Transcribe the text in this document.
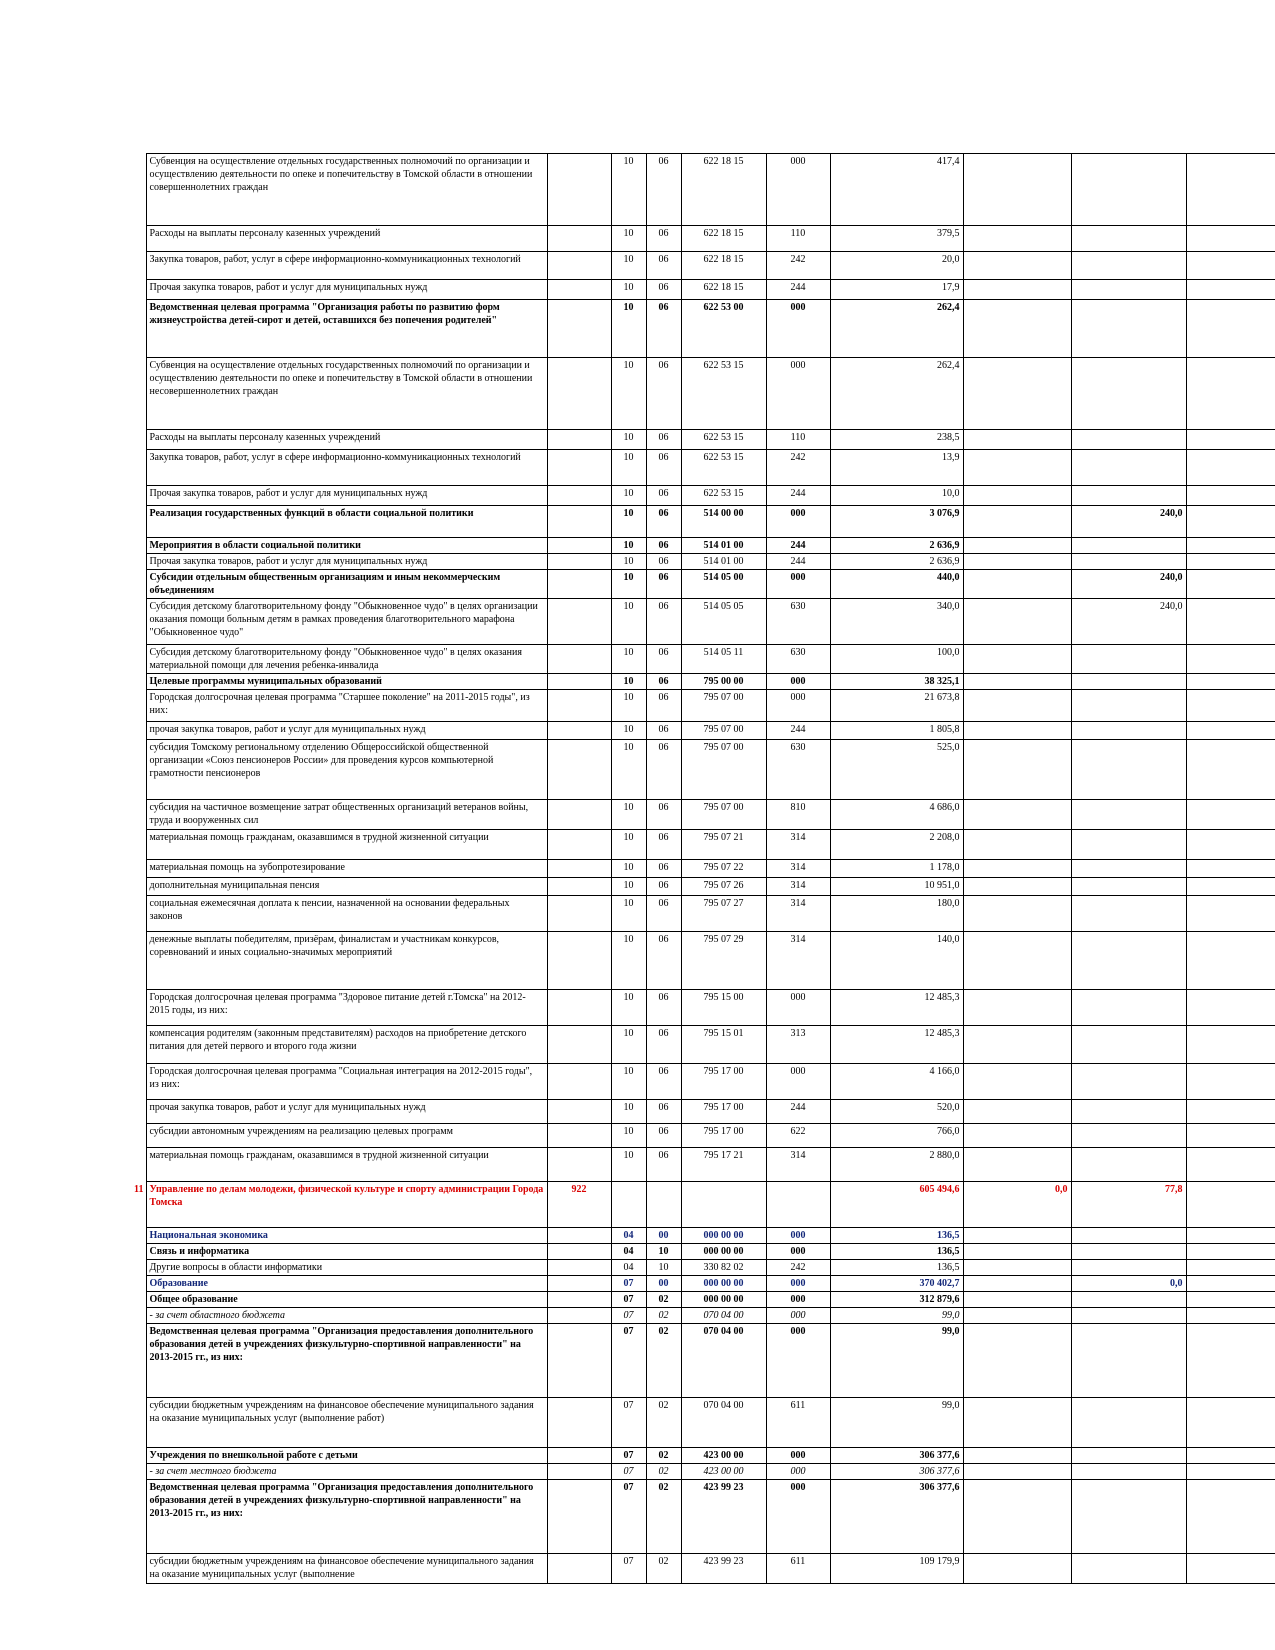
	Субвенция на осуществление отдельных государственных полномочий по организации и осуществлению деятельности по опеке и попечительству в Томской области в отношении совершеннолетних граждан		10	06	622 18 15	000	417,4			
	Расходы на выплаты персоналу казенных учреждений		10	06	622 18 15	110	379,5			
	Закупка товаров, работ, услуг в сфере информационно-коммуникационных технологий		10	06	622 18 15	242	20,0			
	Прочая закупка товаров, работ и услуг для муниципальных нужд		10	06	622 18 15	244	17,9			
	Ведомственная целевая программа "Организация работы по развитию форм жизнеустройства детей-сирот и детей, оставшихся без попечения родителей"		10	06	622 53 00	000	262,4			
	Субвенция на осуществление отдельных государственных полномочий по организации и осуществлению деятельности по опеке и попечительству в Томской области в отношении несовершеннолетних граждан		10	06	622 53 15	000	262,4			
	Расходы на выплаты персоналу казенных учреждений		10	06	622 53 15	110	238,5			
	Закупка товаров, работ, услуг в сфере информационно-коммуникационных технологий		10	06	622 53 15	242	13,9			
	Прочая закупка товаров, работ и услуг для муниципальных нужд		10	06	622 53 15	244	10,0			
	Реализация государственных функций в области социальной политики		10	06	514 00 00	000	3 076,9		240,0	
	Мероприятия в области социальной политики		10	06	514 01 00	244	2 636,9			
	Прочая закупка товаров, работ и услуг для муниципальных нужд		10	06	514 01 00	244	2 636,9			
	Субсидии отдельным общественным организациям и иным некоммерческим объединениям		10	06	514 05 00	000	440,0		240,0	
	Субсидия детскому благотворительному фонду "Обыкновенное чудо" в целях организации оказания помощи больным детям в рамках проведения благотворительного марафона "Обыкновенное чудо"		10	06	514 05 05	630	340,0		240,0	
	Субсидия детскому благотворительному фонду "Обыкновенное чудо" в целях оказания материальной помощи для лечения ребенка-инвалида		10	06	514 05 11	630	100,0			
	Целевые программы муниципальных образований		10	06	795 00 00	000	38 325,1			
	Городская долгосрочная целевая программа "Старшее поколение" на 2011-2015 годы", из них:		10	06	795 07 00	000	21 673,8			
	прочая закупка товаров, работ и услуг для муниципальных нужд		10	06	795 07 00	244	1 805,8			
	субсидия Томскому региональному отделению Общероссийской общественной организации «Союз пенсионеров России» для проведения курсов компьютерной грамотности пенсионеров		10	06	795 07 00	630	525,0			
	субсидия на частичное возмещение затрат общественных организаций ветеранов войны, труда и вооруженных сил		10	06	795 07 00	810	4 686,0			
	материальная помощь гражданам, оказавшимся в трудной жизненной ситуации		10	06	795 07 21	314	2 208,0			
	материальная помощь на зубопротезирование		10	06	795 07 22	314	1 178,0			
	дополнительная муниципальная пенсия		10	06	795 07 26	314	10 951,0			
	социальная ежемесячная доплата к пенсии, назначенной на основании федеральных законов		10	06	795 07 27	314	180,0			
	денежные выплаты победителям, призёрам, финалистам и участникам конкурсов, соревнований и иных социально-значимых мероприятий		10	06	795 07 29	314	140,0			
	Городская долгосрочная целевая программа "Здоровое питание детей г.Томска" на 2012-2015 годы, из них:		10	06	795 15 00	000	12 485,3			
	компенсация родителям (законным представителям) расходов на приобретение детского питания для детей первого и второго года жизни		10	06	795 15 01	313	12 485,3			
	Городская долгосрочная целевая программа "Социальная интеграция на 2012-2015 годы", из них:		10	06	795 17 00	000	4 166,0			
	прочая закупка товаров, работ и услуг для муниципальных нужд		10	06	795 17 00	244	520,0			
	субсидии автономным учреждениям на реализацию целевых программ		10	06	795 17 00	622	766,0			
	материальная помощь гражданам, оказавшимся в трудной жизненной ситуации		10	06	795 17 21	314	2 880,0			
11	Управление по делам молодежи, физической культуре и спорту администрации Города Томска	922					605 494,6	0,0	77,8	
	Национальная экономика		04	00	000 00 00	000	136,5			
	Связь и информатика		04	10	000 00 00	000	136,5			
	Другие вопросы в области информатики		04	10	330 82 02	242	136,5			
	Образование		07	00	000 00 00	000	370 402,7		0,0	
	Общее образование		07	02	000 00 00	000	312 879,6			
	- за счет областного бюджета		07	02	070 04 00	000	99,0			
	Ведомственная целевая программа "Организация предоставления дополнительного образования детей в учреждениях физкультурно-спортивной направленности" на 2013-2015 гг., из них:		07	02	070 04 00	000	99,0			
	субсидии бюджетным учреждениям на финансовое обеспечение муниципального задания на оказание муниципальных услуг (выполнение работ)		07	02	070 04 00	611	99,0			
	Учреждения по внешкольной работе с детьми		07	02	423 00 00	000	306 377,6			
	- за счет местного бюджета		07	02	423 00 00	000	306 377,6			
	Ведомственная целевая программа "Организация предоставления дополнительного образования детей в учреждениях физкультурно-спортивной направленности" на 2013-2015 гг., из них:		07	02	423 99 23	000	306 377,6			
	субсидии бюджетным учреждениям на финансовое обеспечение муниципального задания на оказание муниципальных услуг (выполнение		07	02	423 99 23	611	109 179,9			
